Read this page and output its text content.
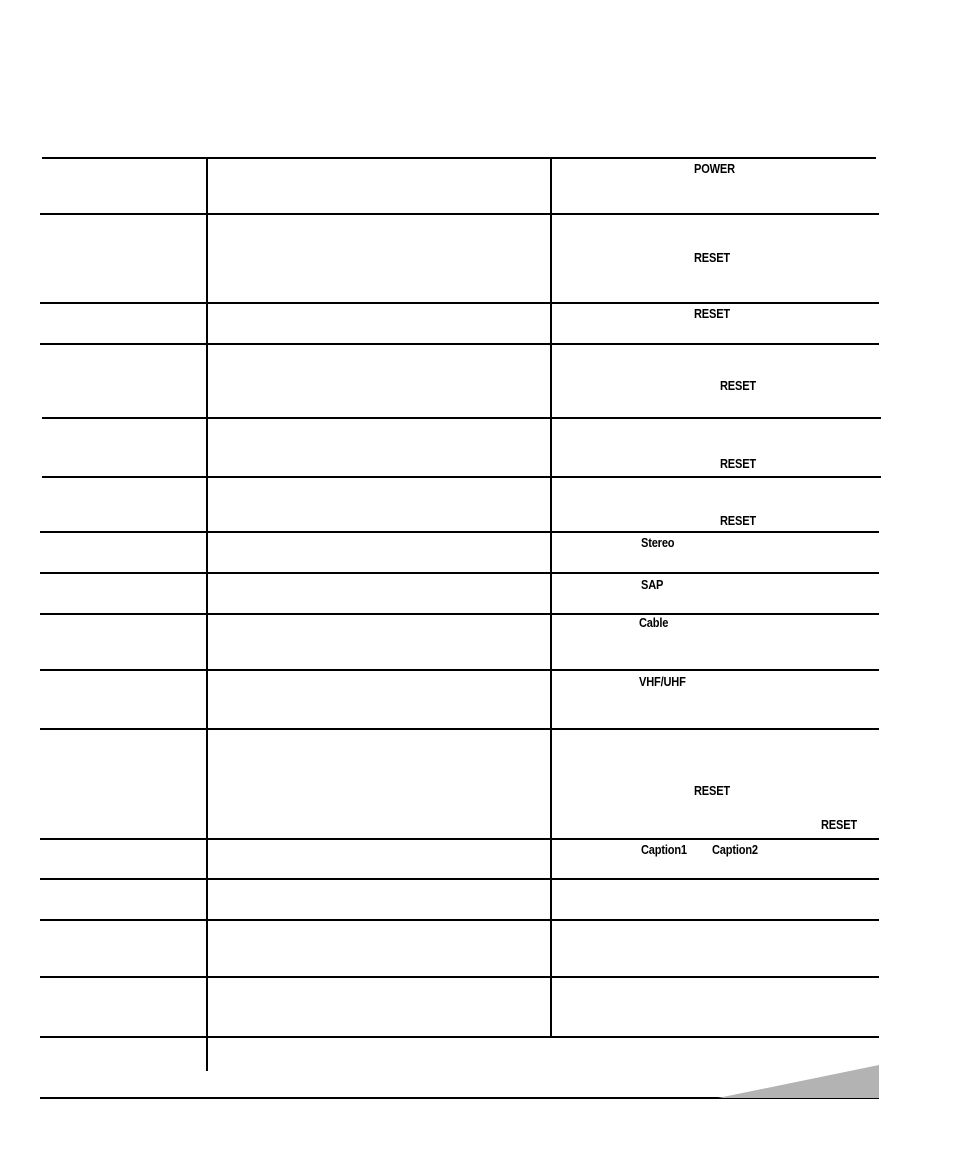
POWER
RESET
RESET
RESET
RESET
RESET
Stereo
SAP
Cable
VHF/UHF
RESET
RESET
Caption1 Caption2
